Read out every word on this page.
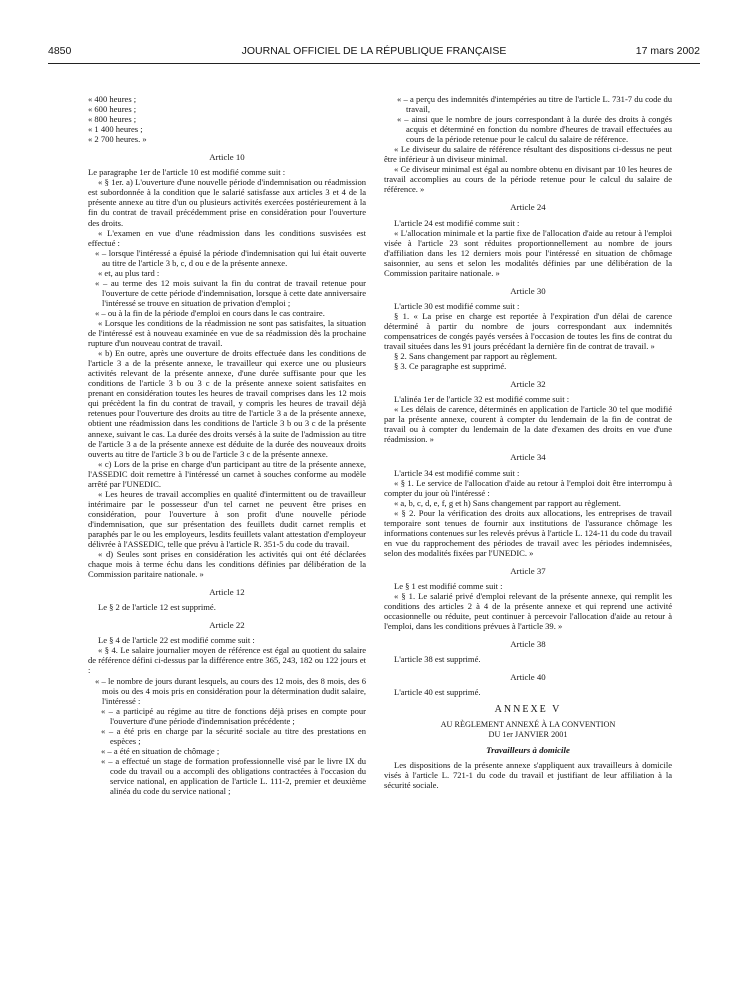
4850	JOURNAL OFFICIEL DE LA RÉPUBLIQUE FRANÇAISE	17 mars 2002

« 400 heures ;

« 600 heures ;

« 800 heures ;

« 1 400 heures ;

« 2 700 heures. »

Article 10

Le paragraphe 1er de l'article 10 est modifié comme suit :

« § 1er. a) L'ouverture d'une nouvelle période d'indemnisation ou réadmission est subordonnée à la condition que le salarié satisfasse aux articles 3 et 4 de la présente annexe au titre d'un ou plusieurs activités exercées postérieurement à la fin du contrat de travail précédemment prise en considération pour l'ouverture des droits.

« L'examen en vue d'une réadmission dans les conditions susvisées est effectué :

« – lorsque l'intéressé a épuisé la période d'indemnisation qui lui était ouverte au titre de l'article 3 b, c, d ou e de la présente annexe.

« et, au plus tard :

« – au terme des 12 mois suivant la fin du contrat de travail retenue pour l'ouverture de cette période d'indemnisation, lorsque à cette date anniversaire l'intéressé se trouve en situation de privation d'emploi ;

« – ou à la fin de la période d'emploi en cours dans le cas contraire.

« Lorsque les conditions de la réadmission ne sont pas satisfaites, la situation de l'intéressé est à nouveau examinée en vue de sa réadmission dès la prochaine rupture d'un nouveau contrat de travail.

« b) En outre, après une ouverture de droits effectuée dans les conditions de l'article 3 a de la présente annexe, le travailleur qui exerce une ou plusieurs activités relevant de la présente annexe, d'une durée suffisante pour que les conditions de l'article 3 b ou 3 c de la présente annexe soient satisfaites en prenant en considération toutes les heures de travail comprises dans les 12 mois qui précèdent la fin du contrat de travail, y compris les heures de travail déjà retenues pour l'ouverture des droits au titre de l'article 3 a de la présente annexe, obtient une réadmission dans les conditions de l'article 3 b ou 3 c de la présente annexe, suivant le cas. La durée des droits versés à la suite de l'admission au titre de l'article 3 a de la présente annexe est déduite de la durée des nouveaux droits ouverts au titre de l'article 3 b ou de l'article 3 c de la présente annexe.

« c) Lors de la prise en charge d'un participant au titre de la présente annexe, l'ASSEDIC doit remettre à l'intéressé un carnet à souches conforme au modèle arrêté par l'UNEDIC.

« Les heures de travail accomplies en qualité d'intermittent ou de travailleur intérimaire par le possesseur d'un tel carnet ne peuvent être prises en considération, pour l'ouverture à son profit d'une nouvelle période d'indemnisation, que sur présentation des feuillets dudit carnet remplis et paraphés par le ou les employeurs, lesdits feuillets valant attestation d'employeur délivrée à l'ASSEDIC, telle que prévu à l'article R. 351-5 du code du travail.

« d) Seules sont prises en considération les activités qui ont été déclarées chaque mois à terme échu dans les conditions définies par délibération de la Commission paritaire nationale. »

Article 12

Le § 2 de l'article 12 est supprimé.

Article 22

Le § 4 de l'article 22 est modifié comme suit :

« § 4. Le salaire journalier moyen de référence est égal au quotient du salaire de référence défini ci-dessus par la différence entre 365, 243, 182 ou 122 jours et :

« – le nombre de jours durant lesquels, au cours des 12 mois, des 8 mois, des 6 mois ou des 4 mois pris en considération pour la détermination dudit salaire, l'intéressé :

« – a participé au régime au titre de fonctions déjà prises en compte pour l'ouverture d'une période d'indemnisation précédente ;

« – a été pris en charge par la sécurité sociale au titre des prestations en espèces ;

« – a été en situation de chômage ;

« – a effectué un stage de formation professionnelle visé par le livre IX du code du travail ou a accompli des obligations contractées à l'occasion du service national, en application de l'article L. 111-2, premier et deuxième alinéa du code du service national ;

« – a perçu des indemnités d'intempéries au titre de l'article L. 731-7 du code du travail,

« – ainsi que le nombre de jours correspondant à la durée des droits à congés acquis et déterminé en fonction du nombre d'heures de travail effectuées au cours de la période retenue pour le calcul du salaire de référence.

« Le diviseur du salaire de référence résultant des dispositions ci-dessus ne peut être inférieur à un diviseur minimal.

« Ce diviseur minimal est égal au nombre obtenu en divisant par 10 les heures de travail accomplies au cours de la période retenue pour le calcul du salaire de référence. »

Article 24

L'article 24 est modifié comme suit :

« L'allocation minimale et la partie fixe de l'allocation d'aide au retour à l'emploi visée à l'article 23 sont réduites proportionnellement au nombre de jours d'affiliation dans les 12 derniers mois pour l'intéressé en situation de chômage saisonnier, au sens et selon les modalités définies par une délibération de la Commission paritaire nationale. »

Article 30

L'article 30 est modifié comme suit :

§ 1. « La prise en charge est reportée à l'expiration d'un délai de carence déterminé à partir du nombre de jours correspondant aux indemnités compensatrices de congés payés versées à l'occasion de toutes les fins de contrat du travail situées dans les 91 jours précédant la dernière fin de contrat de travail. »

§ 2. Sans changement par rapport au règlement.

§ 3. Ce paragraphe est supprimé.

Article 32

L'alinéa 1er de l'article 32 est modifié comme suit :

« Les délais de carence, déterminés en application de l'article 30 tel que modifié par la présente annexe, courent à compter du lendemain de la fin de contrat de travail ou à compter du lendemain de la date d'examen des droits en vue d'une réadmission. »

Article 34

L'article 34 est modifié comme suit :

« § 1. Le service de l'allocation d'aide au retour à l'emploi doit être interrompu à compter du jour où l'intéressé :

« a, b, c, d, e, f, g et h) Sans changement par rapport au règlement.

« § 2. Pour la vérification des droits aux allocations, les entreprises de travail temporaire sont tenues de fournir aux institutions de l'assurance chômage les informations contenues sur les relevés prévus à l'article L. 124-11 du code du travail en vue du rapprochement des périodes de travail avec les périodes indemnisées, selon des modalités fixées par l'UNEDIC. »

Article 37

Le § 1 est modifié comme suit :

« § 1. Le salarié privé d'emploi relevant de la présente annexe, qui remplit les conditions des articles 2 à 4 de la présente annexe et qui reprend une activité occasionnelle ou réduite, peut continuer à percevoir l'allocation d'aide au retour à l'emploi, dans les conditions prévues à l'article 39. »

Article 38

L'article 38 est supprimé.

Article 40

L'article 40 est supprimé.

ANNEXE V
AU RÈGLEMENT ANNEXÉ À LA CONVENTION
DU 1er JANVIER 2001
Travailleurs à domicile

Les dispositions de la présente annexe s'appliquent aux travailleurs à domicile visés à l'article L. 721-1 du code du travail et justifiant de leur affiliation à la sécurité sociale.
